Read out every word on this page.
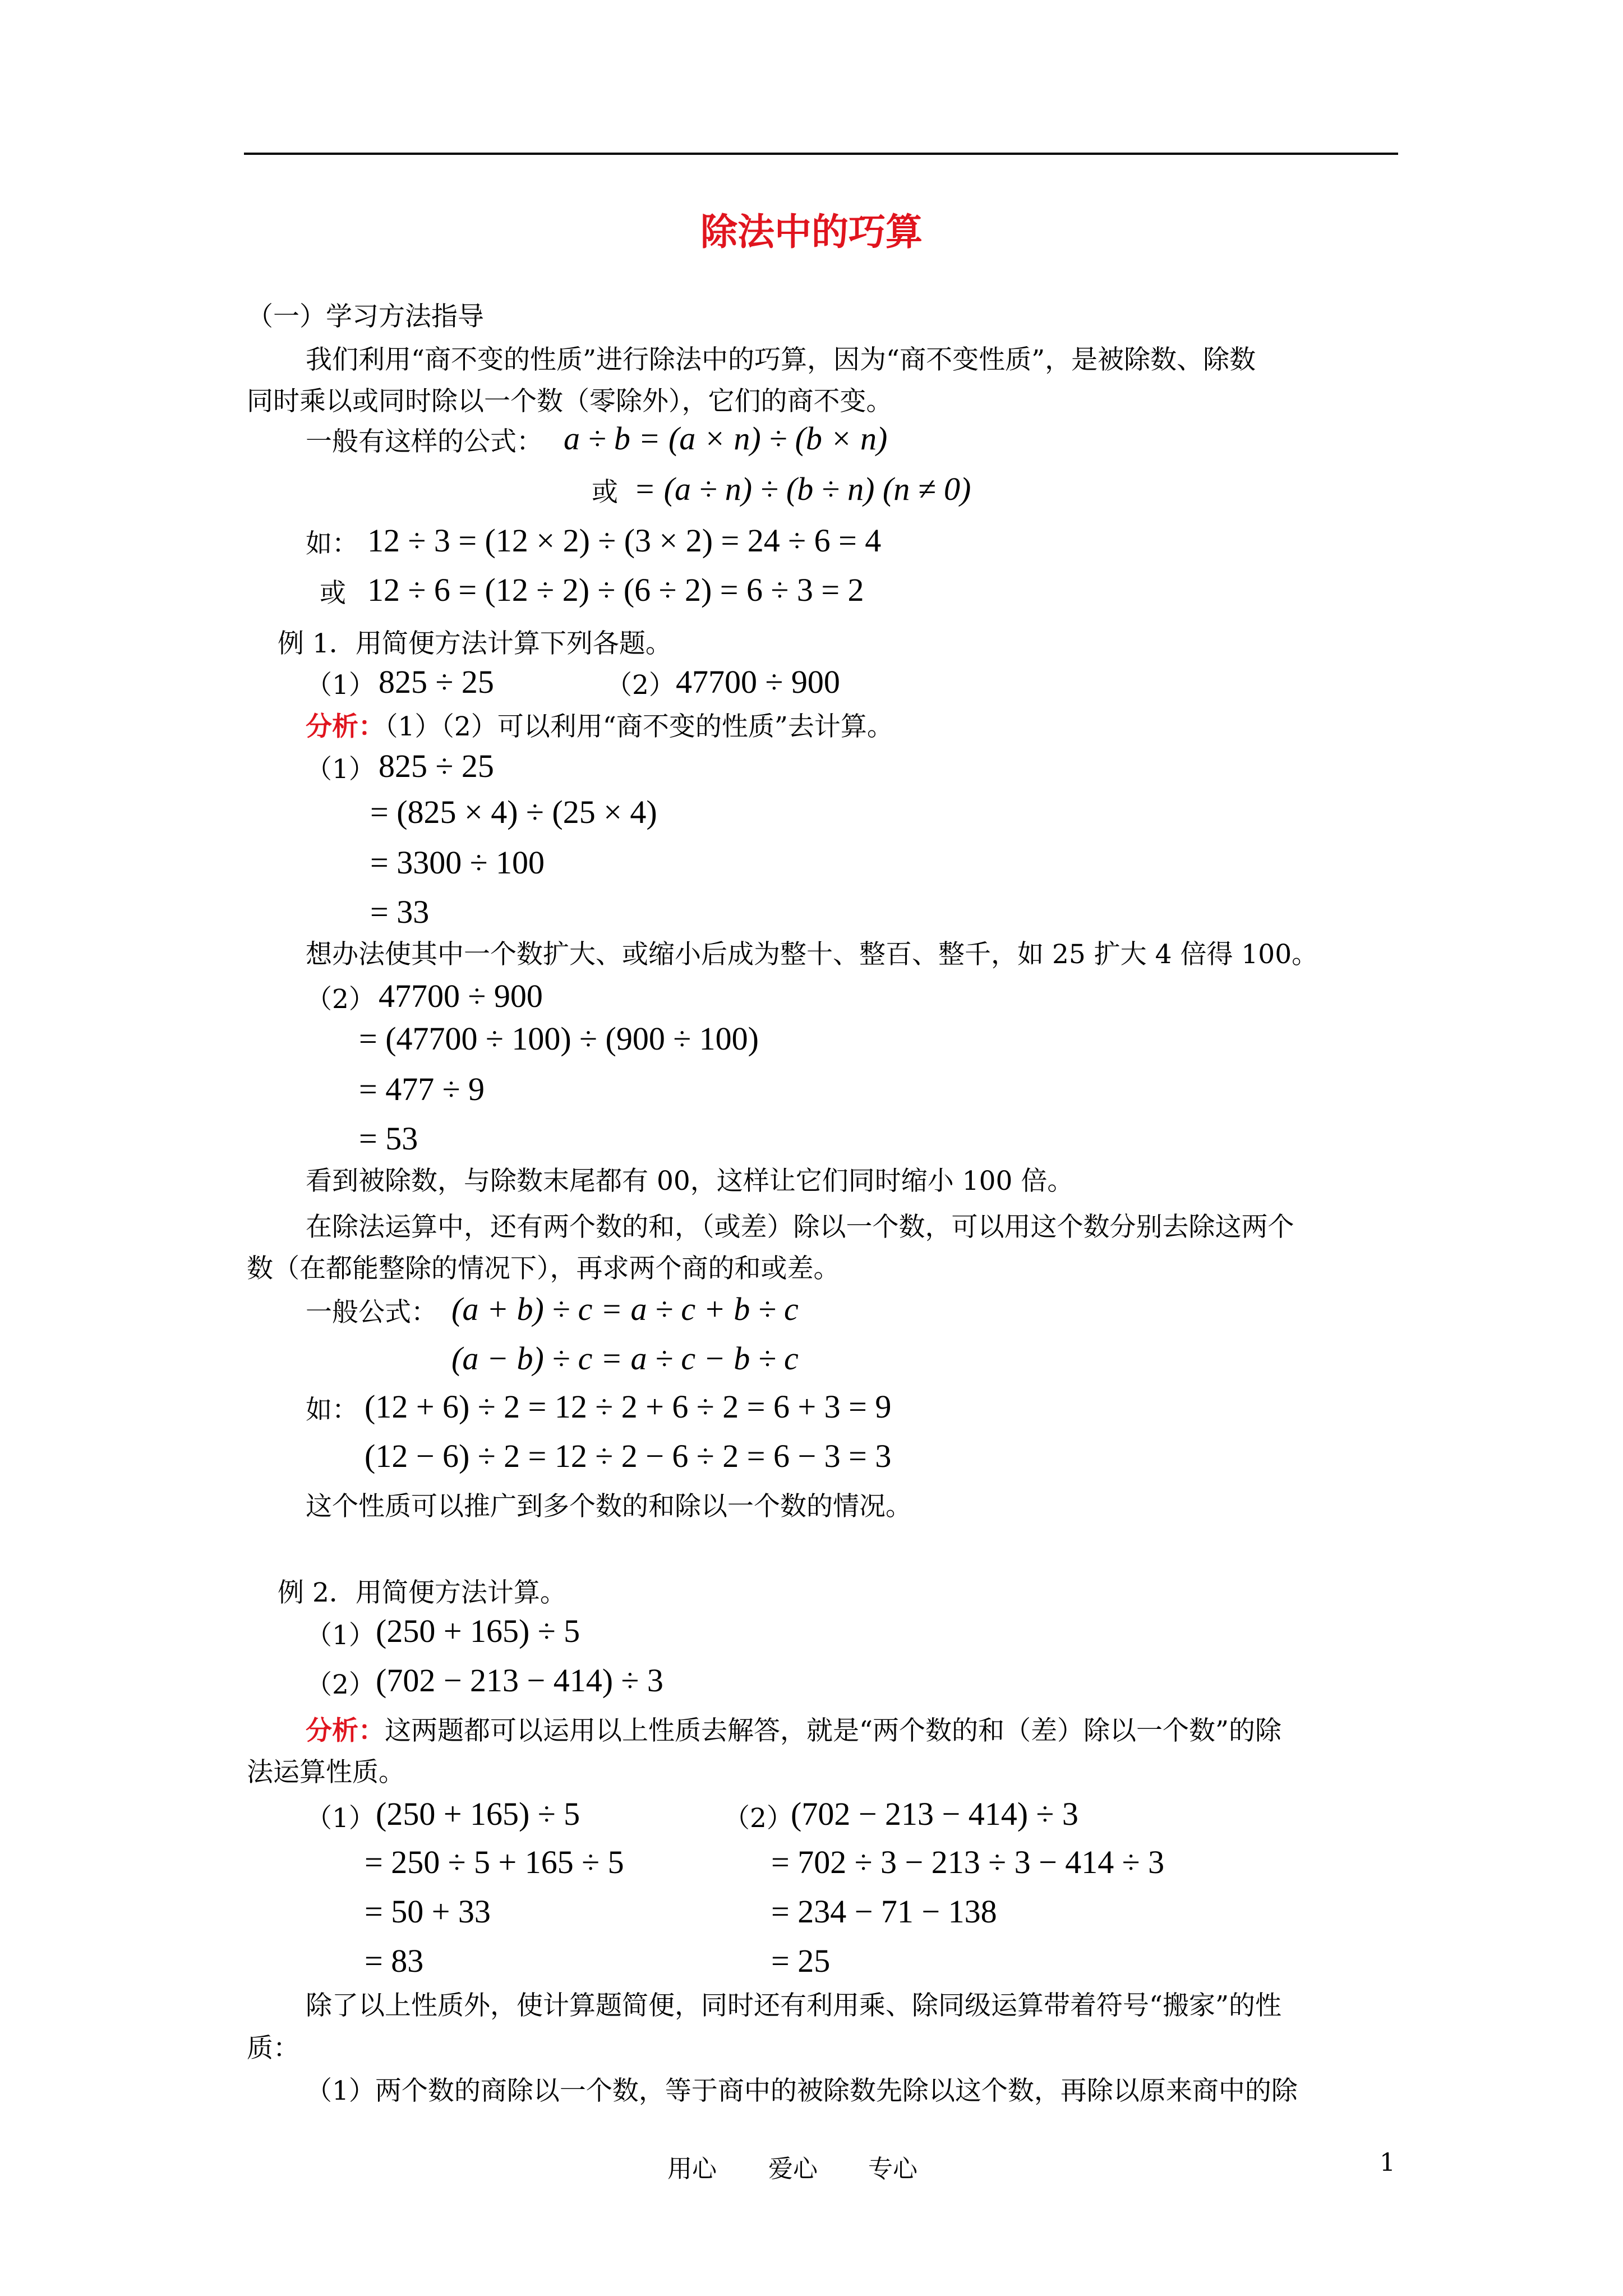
除法中的巧算
（一）学习方法指导
我们利用“商不变的性质”进行除法中的巧算，因为“商不变性质”，是被除数、除数
同时乘以或同时除以一个数（零除外），它们的商不变。
一般有这样的公式： a ÷ b = (a × n) ÷ (b × n)
或 = (a ÷ n) ÷ (b ÷ n) (n ≠ 0)
如： 12 ÷ 3 = (12 × 2) ÷ (3 × 2) = 24 ÷ 6 = 4
或 12 ÷ 6 = (12 ÷ 2) ÷ (6 ÷ 2) = 6 ÷ 3 = 2
例 1．用简便方法计算下列各题。
（1） 825 ÷ 25	（2） 47700 ÷ 900
分析：（1）（2）可以利用“商不变的性质”去计算。
（1） 825 ÷ 25
= (825 × 4) ÷ (25 × 4)
= 3300 ÷ 100
= 33
想办法使其中一个数扩大、或缩小后成为整十、整百、整千，如 25 扩大 4 倍得 100。
（2） 47700 ÷ 900
= (47700 ÷ 100) ÷ (900 ÷ 100)
= 477 ÷ 9
= 53
看到被除数，与除数末尾都有 00，这样让它们同时缩小 100 倍。
在除法运算中，还有两个数的和，（或差）除以一个数，可以用这个数分别去除这两个
数（在都能整除的情况下），再求两个商的和或差。
一般公式： (a + b) ÷ c = a ÷ c + b ÷ c
(a − b) ÷ c = a ÷ c − b ÷ c
如： (12 + 6) ÷ 2 = 12 ÷ 2 + 6 ÷ 2 = 6 + 3 = 9
(12 − 6) ÷ 2 = 12 ÷ 2 − 6 ÷ 2 = 6 − 3 = 3
这个性质可以推广到多个数的和除以一个数的情况。
例 2．用简便方法计算。
（1） (250 + 165) ÷ 5
（2） (702 − 213 − 414) ÷ 3
分析：这两题都可以运用以上性质去解答，就是“两个数的和（差）除以一个数”的除
法运算性质。
（1） (250 + 165) ÷ 5
= 250 ÷ 5 + 165 ÷ 5
= 50 + 33
= 83
（2）
(702 − 213 − 414) ÷ 3
= 702 ÷ 3 − 213 ÷ 3 − 414 ÷ 3
= 234 − 71 − 138
= 25
除了以上性质外，使计算题简便，同时还有利用乘、除同级运算带着符号“搬家”的性
质：
（1）两个数的商除以一个数，等于商中的被除数先除以这个数，再除以原来商中的除
用心 爱心 专心	1
